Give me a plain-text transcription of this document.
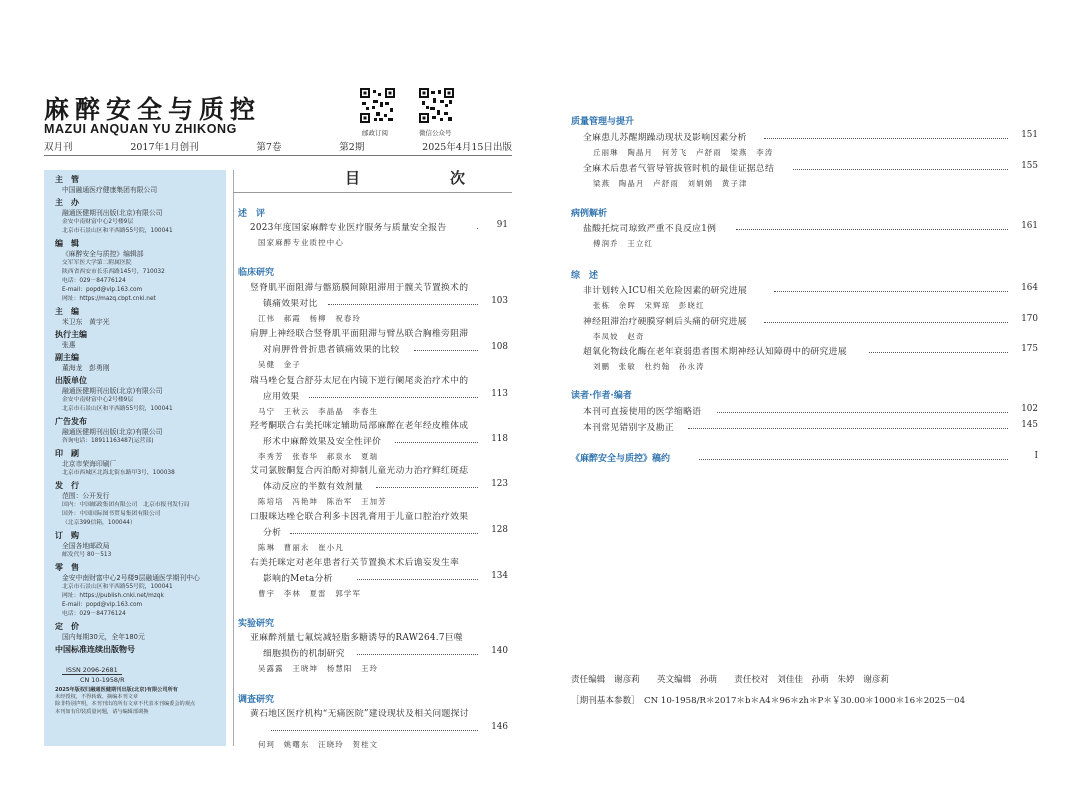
麻醉安全与质控
MAZUI ANQUAN YU ZHIKONG	邮政订阅	微信公众号
双月刊	2017年1月创刊	第7卷	第2期	2025年4月15日出版
主　管
中国融通医疗健康集团有限公司
主　办
融通医健期刊出版(北京)有限公司
金安中南财富中心2号楼9层
北京市石景山区和平西路55号院，100041
编　辑
《麻醉安全与质控》编辑部
交军军医大学第二附属医院
陕西省西安市长乐西路145号，710032
电话：029－84776124
E-mail：popd@vip.163.com
网址：https://mazq.cbpt.cnki.net
主　编
米卫东　黄宇光
执行主编
张惠
副主编
董海龙　彭勇刚
出版单位
融通医健期刊出版(北京)有限公司
金安中南财富中心2号楼9层
北京市石景山区和平西路55号院，100041
广告发布
融通医健期刊出版(北京)有限公司
咨询电话：18911163487(运营部)
印　刷
北京市荣海印刷厂
北京市西城区北海北街东路甲3号，100038
发　行
范围：公开发行
国内：中国邮政集团有限公司　北京市报刊发行局
国外：中国国际图书贸易集团有限公司
（北京399信箱，100044）
订　购
全国各地邮政局
邮发代号 80－513
零　售
金安中南财富中心2号楼9层融通医学期刊中心
北京市石景山区和平西路55号院，100041
网址：https://publish.cnki.net/mzqk
E-mail：popd@vip.163.com
电话：029－84776124
定　价
国内每期30元，全年180元
中国标准连续出版物号
ISSN 2096-2681
CN 10-1958/R
2025年版权归融通医健期刊出版(北京)有限公司所有
未经授权，不得转载、摘编本刊文章
除非特别声明，本刊刊出的所有文章不代表本刊编委会的观点
本刊如有印装质量问题，请与编辑部调换
目　　次
述　评
2023年度国家麻醉专业医疗服务与质量安全报告	91
国家麻醉专业质控中心
临床研究
竖脊肌平面阻滞与髂筋膜间隙阻滞用于髋关节置换术的
镇痛效果对比	103
江伟　郝霞　杨柳　祝春玲
肩胛上神经联合竖脊肌平面阻滞与臂丛联合胸椎旁阻滞
对肩胛骨骨折患者镇痛效果的比较	108
吴健　金子
瑞马唑仑复合舒芬太尼在内镜下逆行阑尾炎治疗术中的
应用效果	113
马宁　王秋云　李晶晶　李春生
羟考酮联合右美托咪定辅助局部麻醉在老年经皮椎体成
形术中麻醉效果及安全性评价	118
李秀芳　张春华　郝泉水　夏瑞
艾司氯胺酮复合丙泊酚对抑制儿童光动力治疗鲜红斑痣
体动反应的半数有效剂量	123
陈培培　冯艳坤　陈治军　王加芳
口服咪达唑仑联合利多卡因乳膏用于儿童口腔治疗效果
分析	128
陈琳　曹丽永　崔小凡
右美托咪定对老年患者行关节置换术术后谵妄发生率
影响的Meta分析	134
曹宇　李林　夏雷　郭学军
实验研究
亚麻醉剂量七氟烷减轻脂多糖诱导的RAW264.7巨噬
细胞损伤的机制研究	140
吴露露　王晓坤　杨慧阳　王玲
调查研究
黄石地区医疗机构“无痛医院”建设现状及相关问题探讨
146
何珂　姚曙东　汪晓玲　贺桂文
质量管理与提升
全麻患儿苏醒期躁动现状及影响因素分析	151
丘丽琳　陶晶月　何芳飞　卢舒雨　梁燕　李涛
全麻术后患者气管导管拔管时机的最佳证据总结	155
梁燕　陶晶月　卢舒雨　刘娟娟　黄子津
病例解析
盐酸托烷司琼致严重不良反应1例	161
傅润乔　王立红
综　述
非计划转入ICU相关危险因素的研究进展	164
张栋　余晖　宋辉琼　彭晓红
神经阻滞治疗硬膜穿刺后头痛的研究进展	170
李凤姣　赵奇
超氧化物歧化酶在老年衰弱患者围术期神经认知障碍中的研究进展	175
刘鹏　张敏　杜约翰　孙永涛
读者·作者·编者
本刊可直接使用的医学缩略语	102
本刊常见错别字及勘正	145
《麻醉安全与质控》稿约	Ⅰ
责任编辑　谢彦莉　　英文编辑　孙萌　　责任校对　刘佳佳　孙萌　朱婷　谢彦莉
［期刊基本参数］　CN 10-1958/R＊2017＊b＊A4＊96＊zh＊P＊￥30.00＊1000＊16＊2025－04
